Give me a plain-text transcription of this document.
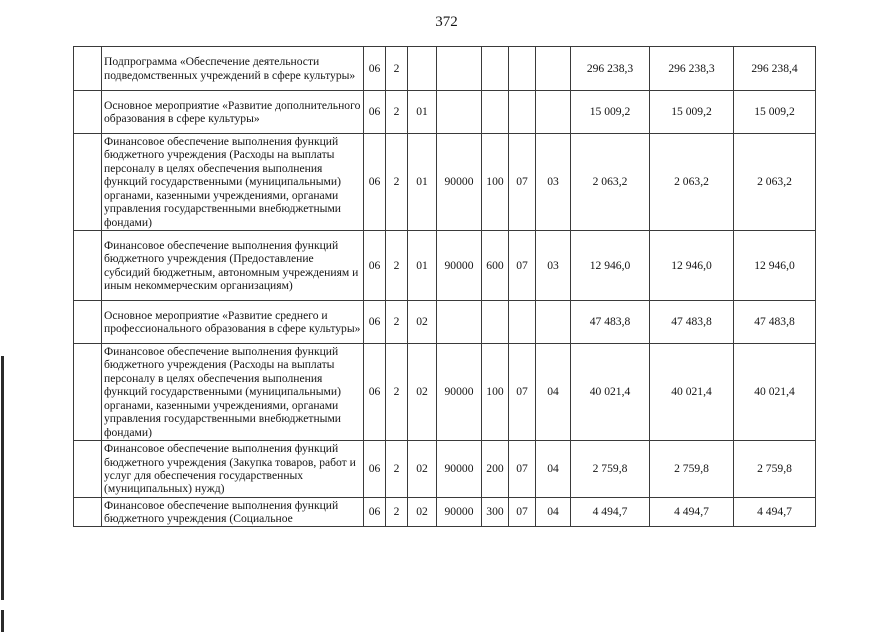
372
	Подпрограмма «Обеспечение деятельности подведомственных учреждений в сфере культуры»	06	2						296 238,3	296 238,3	296 238,4
	Основное мероприятие «Развитие дополнительного образования в сфере культуры»	06	2	01					15 009,2	15 009,2	15 009,2
	Финансовое обеспечение выполнения функций бюджетного учреждения (Расходы на выплаты персоналу в целях обеспечения выполнения функций государственными (муниципальными) органами, казенными учреждениями, органами управления государственными внебюджетными фондами)	06	2	01	90000	100	07	03	2 063,2	2 063,2	2 063,2
	Финансовое обеспечение выполнения функций бюджетного учреждения (Предоставление субсидий бюджетным, автономным учреждениям и иным некоммерческим организациям)	06	2	01	90000	600	07	03	12 946,0	12 946,0	12 946,0
	Основное мероприятие «Развитие среднего и профессионального образования в сфере культуры»	06	2	02					47 483,8	47 483,8	47 483,8
	Финансовое обеспечение выполнения функций бюджетного учреждения (Расходы на выплаты персоналу в целях обеспечения выполнения функций государственными (муниципальными) органами, казенными учреждениями, органами управления государственными внебюджетными фондами)	06	2	02	90000	100	07	04	40 021,4	40 021,4	40 021,4
	Финансовое обеспечение выполнения функций бюджетного учреждения (Закупка товаров, работ и услуг для обеспечения государственных (муниципальных) нужд)	06	2	02	90000	200	07	04	2 759,8	2 759,8	2 759,8
	Финансовое обеспечение выполнения функций бюджетного учреждения (Социальное	06	2	02	90000	300	07	04	4 494,7	4 494,7	4 494,7
